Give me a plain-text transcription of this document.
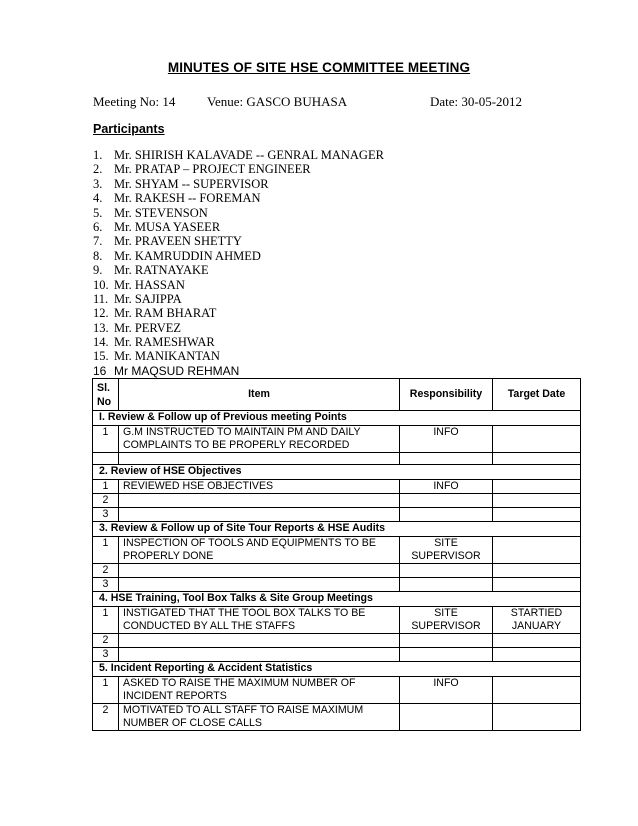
MINUTES OF SITE HSE COMMITTEE MEETING
Meeting No: 14 Venue: GASCO BUHASA	Date: 30-05-2012
Participants
1. Mr. SHIRISH KALAVADE -- GENRAL MANAGER
2. Mr. PRATAP – PROJECT ENGINEER
3. Mr. SHYAM -- SUPERVISOR
4. Mr. RAKESH -- FOREMAN
5. Mr. STEVENSON
6. Mr. MUSA YASEER
7. Mr. PRAVEEN SHETTY
8. Mr. KAMRUDDIN AHMED
9. Mr. RATNAYAKE
10. Mr. HASSAN
11. Mr. SAJIPPA
12. Mr. RAM BHARAT
13. Mr. PERVEZ
14. Mr. RAMESHWAR
15. Mr. MANIKANTAN
16 Mr MAQSUD REHMAN
Sl.
No	Item	Responsibility	Target Date
I. Review & Follow up of Previous meeting Points			
1	G.M INSTRUCTED TO MAINTAIN PM AND DAILY COMPLAINTS TO BE PROPERLY RECORDED	INFO	

2. Review of HSE Objectives			
1	REVIEWED HSE OBJECTIVES	INFO	
2			
3			
3. Review & Follow up of Site Tour Reports & HSE Audits			
1	INSPECTION OF TOOLS AND EQUIPMENTS TO BE PROPERLY DONE	SITE SUPERVISOR	
2			
3			
4. HSE Training, Tool Box Talks & Site Group Meetings			
1	INSTIGATED THAT THE TOOL BOX TALKS TO BE CONDUCTED BY ALL THE STAFFS	SITE SUPERVISOR	STARTIED JANUARY
2			
3			
5. Incident Reporting & Accident Statistics			
1	ASKED TO RAISE THE MAXIMUM NUMBER OF INCIDENT REPORTS	INFO	
2	MOTIVATED TO ALL STAFF TO RAISE MAXIMUM NUMBER OF CLOSE CALLS		
